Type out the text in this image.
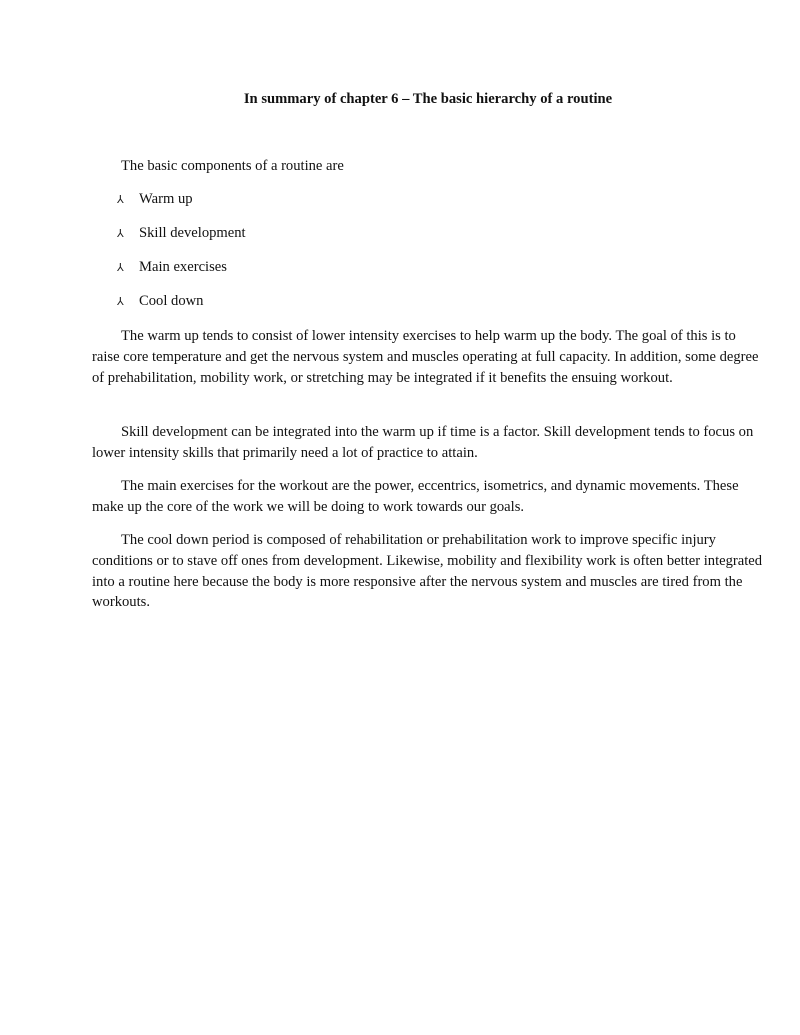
In summary of chapter 6 – The basic hierarchy of a routine
The basic components of a routine are
⅄	Warm up
⅄	Skill development
⅄	Main exercises
⅄	Cool down

The warm up tends to consist of lower intensity exercises to help warm up the body. The goal of this is to raise core temperature and get the nervous system and muscles operating at full capacity. In addition, some degree of prehabilitation, mobility work, or stretching may be integrated if it benefits the ensuing workout.

Skill development can be integrated into the warm up if time is a factor. Skill development tends to focus on lower intensity skills that primarily need a lot of practice to attain.

The main exercises for the workout are the power, eccentrics, isometrics, and dynamic movements. These make up the core of the work we will be doing to work towards our goals.

The cool down period is composed of rehabilitation or prehabilitation work to improve specific injury conditions or to stave off ones from development. Likewise, mobility and flexibility work is often better integrated into a routine here because the body is more responsive after the nervous system and muscles are tired from the workouts.
